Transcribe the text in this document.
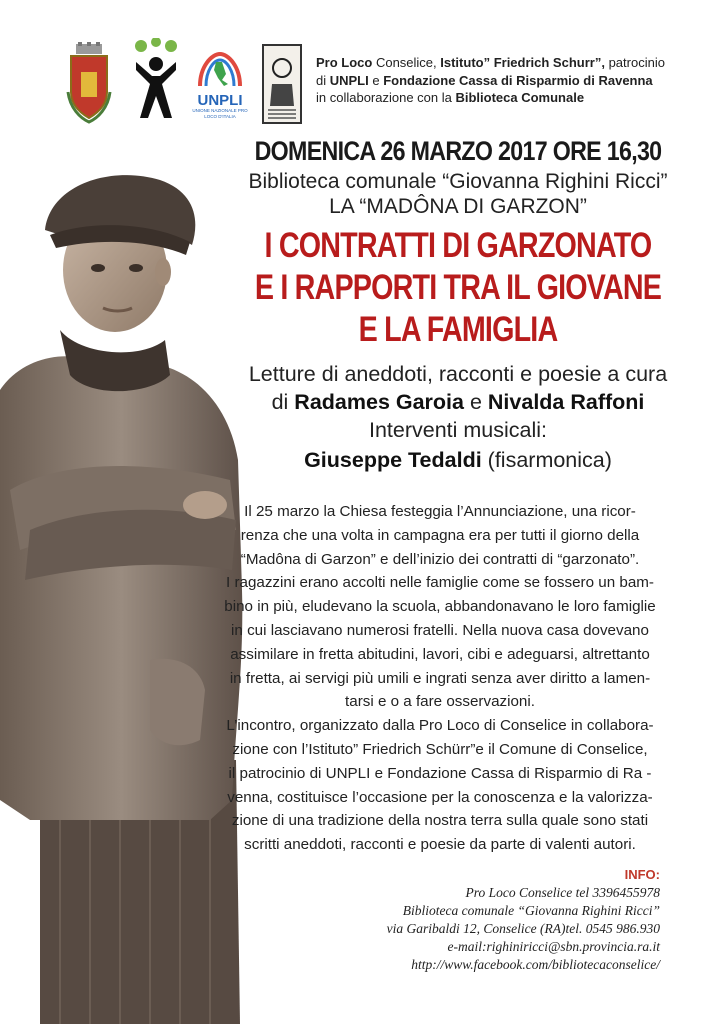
UNPLI
UNIONE NAZIONALE PRO LOCO D'ITALIA
Pro Loco Conselice, Istituto” Friedrich Schurr”, patrocinio
di UNPLI e Fondazione Cassa di Risparmio di Ravenna
in collaborazione con la Biblioteca Comunale
DOMENICA 26 MARZO 2017 ORE 16,30
Biblioteca comunale “Giovanna Righini Ricci”
LA “MADÔNA DI GARZON”
I CONTRATTI DI GARZONATO
E I RAPPORTI TRA IL GIOVANE
E LA FAMIGLIA
Letture di aneddoti, racconti e poesie a cura
di Radames Garoia e Nivalda Raffoni
Interventi musicali:
Giuseppe Tedaldi (fisarmonica)

Il 25 marzo la Chiesa festeggia l’Annunciazione, una ricor-

renza che una volta in campagna era per tutti il giorno della

“Madôna di Garzon” e dell’inizio dei contratti di “garzonato”.

I ragazzini erano accolti nelle famiglie come se fossero un bam-

bino in più, eludevano la scuola, abbandonavano le loro famiglie

in cui lasciavano numerosi fratelli. Nella nuova casa dovevano

assimilare in fretta abitudini, lavori, cibi e adeguarsi, altrettanto

in fretta, ai servigi più umili e ingrati senza aver diritto a lamen-

tarsi e o a fare osservazioni.

L’incontro, organizzato dalla Pro Loco di Conselice in collabora-

zione con l’Istituto” Friedrich Schürr”e il Comune di Conselice,

il patrocinio di UNPLI e Fondazione Cassa di Risparmio di Ra -

venna, costituisce l’occasione per la conoscenza e la valorizza-

zione di una tradizione della nostra terra sulla quale sono stati

scritti aneddoti, racconti e poesie da parte di valenti autori.

INFO:
Pro Loco Conselice tel 3396455978
Biblioteca comunale “Giovanna Righini Ricci”
via Garibaldi 12, Conselice (RA)tel. 0545 986.930
e-mail:righiniricci@sbn.provincia.ra.it
http://www.facebook.com/bibliotecaconselice/
